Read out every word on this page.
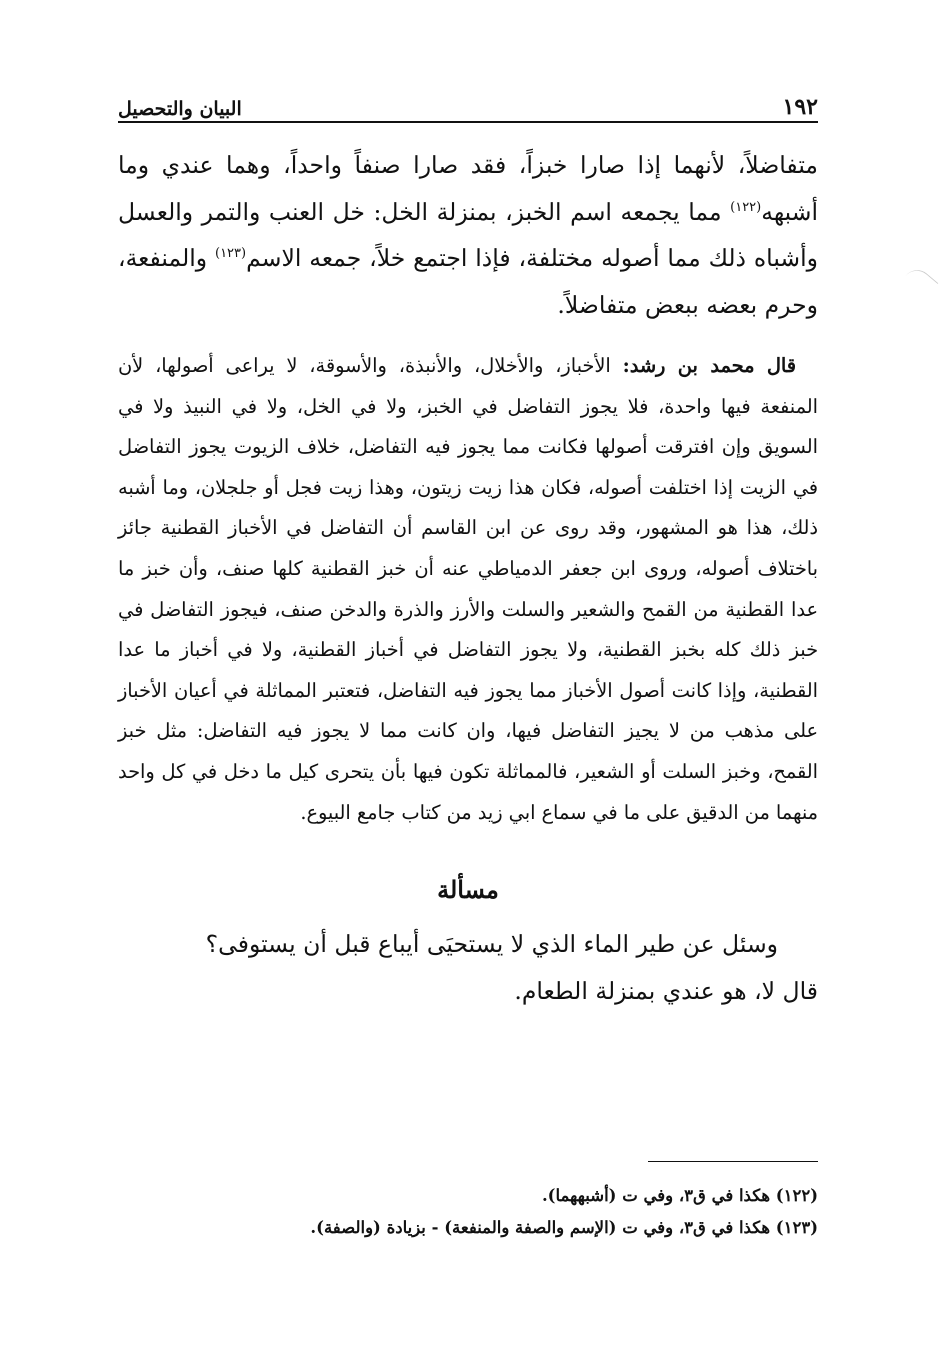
١٩٢
البيان والتحصيل

متفاضلاً، لأنهما إذا صارا خبزاً، فقد صارا صنفاً واحداً، وهما عندي وما أشبهه$^{(١٢٢)}$ مما يجمعه اسم الخبز، بمنزلة الخل: خل العنب والتمر والعسل وأشباه ذلك مما أصوله مختلفة، فإذا اجتمع خلاً، جمعه الاسم$^{(١٢٣)}$ والمنفعة، وحرم بعضه ببعض متفاضلاً.

قال محمد بن رشد: الأخباز، والأخلال، والأنبذة، والأسوقة، لا يراعى أصولها، لأن المنفعة فيها واحدة، فلا يجوز التفاضل في الخبز، ولا في الخل، ولا في النبيذ ولا في السويق وإن افترقت أصولها فكانت مما يجوز فيه التفاضل، خلاف الزيوت يجوز التفاضل في الزيت إذا اختلفت أصوله، فكان هذا زيت زيتون، وهذا زيت فجل أو جلجلان، وما أشبه ذلك، هذا هو المشهور، وقد روى عن ابن القاسم أن التفاضل في الأخباز القطنية جائز باختلاف أصوله، وروى ابن جعفر الدمياطي عنه أن خبز القطنية كلها صنف، وأن خبز ما عدا القطنية من القمح والشعير والسلت والأرز والذرة والدخن صنف، فيجوز التفاضل في خبز ذلك كله بخبز القطنية، ولا يجوز التفاضل في أخباز القطنية، ولا في أخباز ما عدا القطنية، وإذا كانت أصول الأخباز مما يجوز فيه التفاضل، فتعتبر المماثلة في أعيان الأخباز على مذهب من لا يجيز التفاضل فيها، وان كانت مما لا يجوز فيه التفاضل: مثل خبز القمح، وخبز السلت أو الشعير، فالمماثلة تكون فيها بأن يتحرى كيل ما دخل في كل واحد منهما من الدقيق على ما في سماع ابي زيد من كتاب جامع البيوع.

مسألة

وسئل عن طير الماء الذي لا يستحيَى أيباع قبل أن يستوفى؟

قال لا، هو عندي بمنزلة الطعام.

(١٢٢) هكذا في ق٣، وفي ت (أشبههما).

(١٢٣) هكذا في ق٣، وفي ت (الإسم والصفة والمنفعة) - بزيادة (والصفة).
